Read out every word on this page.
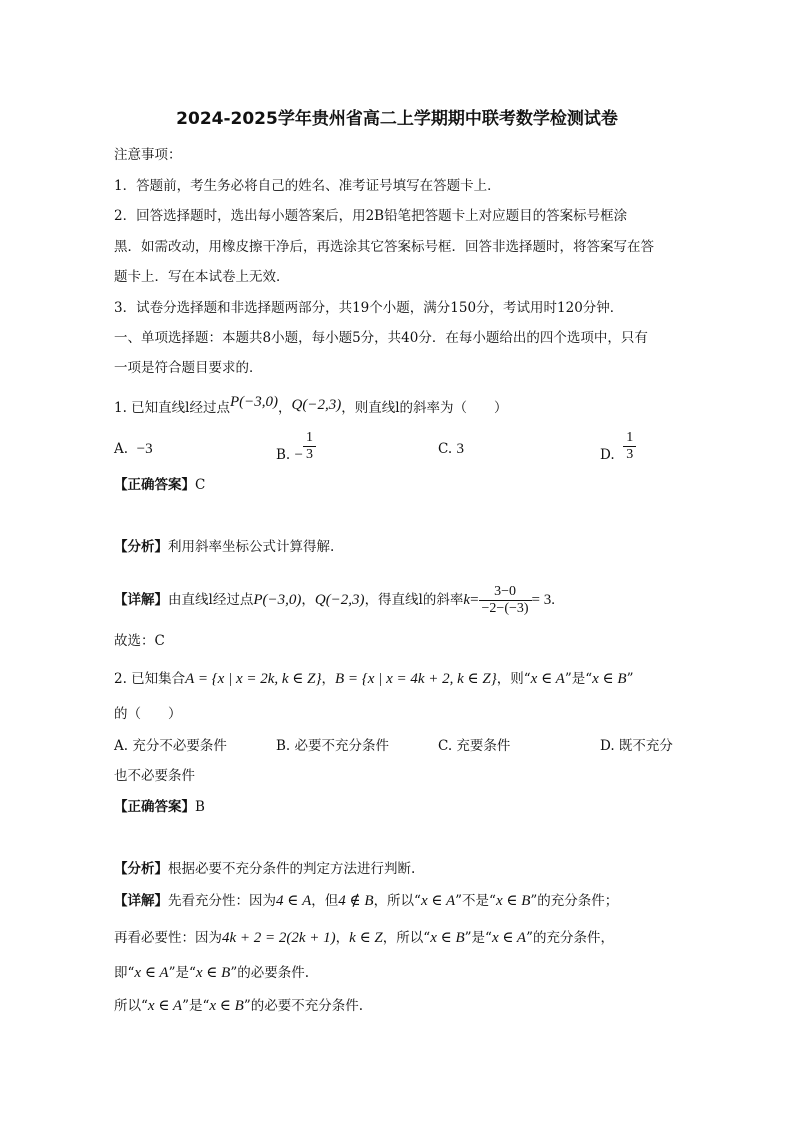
2024-2025学年贵州省高二上学期期中联考数学检测试卷
注意事项：
1．答题前，考生务必将自己的姓名、准考证号填写在答题卡上．
2．回答选择题时，选出每小题答案后，用2B铅笔把答题卡上对应题目的答案标号框涂
黑．如需改动，用橡皮擦干净后，再选涂其它答案标号框．回答非选择题时，将答案写在答
题卡上．写在本试卷上无效．
3．试卷分选择题和非选择题两部分，共19个小题，满分150分，考试用时120分钟．
一、单项选择题：本题共8小题，每小题5分，共40分．在每小题给出的四个选项中，只有
一项是符合题目要求的．
1. 已知直线l经过点P(−3,0)，Q(−2,3)，则直线l的斜率为（　　）
A. −3	B. − $\frac{1}{3}$	C. 3	D. $\frac{1}{3}$
【正确答案】C
【分析】利用斜率坐标公式计算得解.
【详解】由直线l经过点P(−3,0)，Q(−2,3)，得直线l的斜率$k= \frac{3-0}{-2-(-3)} = 3$.
故选：C
2. 已知集合A = {x | x = 2k, k ∈ Z}，B = {x | x = 4k + 2, k ∈ Z}，则“x ∈ A”是“x ∈ B”
的（　　）
A. 充分不必要条件	B. 必要不充分条件	C. 充要条件	D. 既不充分
也不必要条件
【正确答案】B
【分析】根据必要不充分条件的判定方法进行判断.
【详解】先看充分性：因为4 ∈ A，但4 ∉ B，所以“x ∈ A”不是“x ∈ B”的充分条件；
再看必要性：因为4k + 2 = 2(2k + 1)，k ∈ Z，所以“x ∈ B”是“x ∈ A”的充分条件，
即“x ∈ A”是“x ∈ B”的必要条件.
所以“x ∈ A”是“x ∈ B”的必要不充分条件.
